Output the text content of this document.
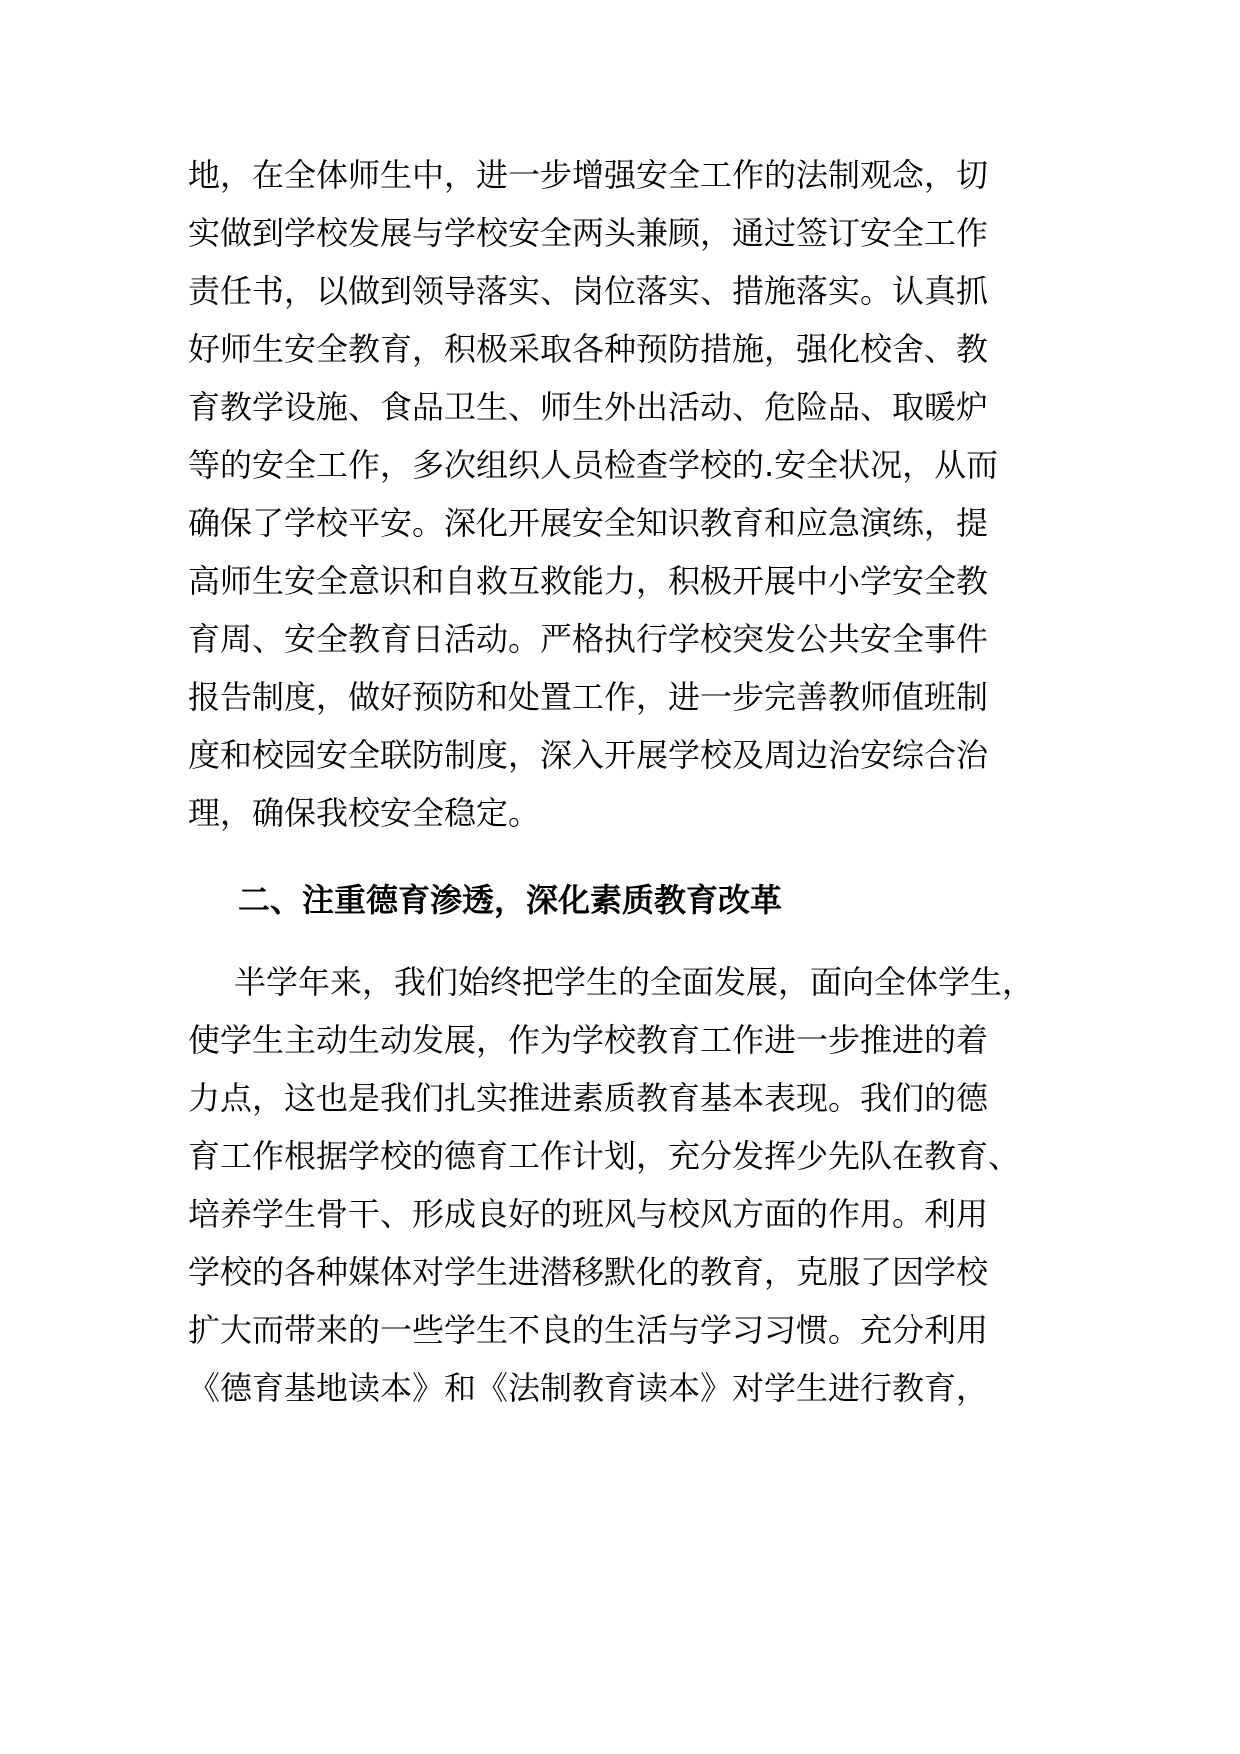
地，在全体师生中，进一步增强安全工作的法制观念，切
实做到学校发展与学校安全两头兼顾，通过签订安全工作
责任书，以做到领导落实、岗位落实、措施落实。认真抓
好师生安全教育，积极采取各种预防措施，强化校舍、教
育教学设施、食品卫生、师生外出活动、危险品、取暖炉
等的安全工作，多次组织人员检查学校的.安全状况，从而
确保了学校平安。深化开展安全知识教育和应急演练，提
高师生安全意识和自救互救能力，积极开展中小学安全教
育周、安全教育日活动。严格执行学校突发公共安全事件
报告制度，做好预防和处置工作，进一步完善教师值班制
度和校园安全联防制度，深入开展学校及周边治安综合治
理，确保我校安全稳定。
二、注重德育渗透，深化素质教育改革
半学年来，我们始终把学生的全面发展，面向全体学生，
使学生主动生动发展，作为学校教育工作进一步推进的着
力点，这也是我们扎实推进素质教育基本表现。我们的德
育工作根据学校的德育工作计划，充分发挥少先队在教育、
培养学生骨干、形成良好的班风与校风方面的作用。利用
学校的各种媒体对学生进潜移默化的教育，克服了因学校
扩大而带来的一些学生不良的生活与学习习惯。充分利用
《德育基地读本》和《法制教育读本》对学生进行教育，
